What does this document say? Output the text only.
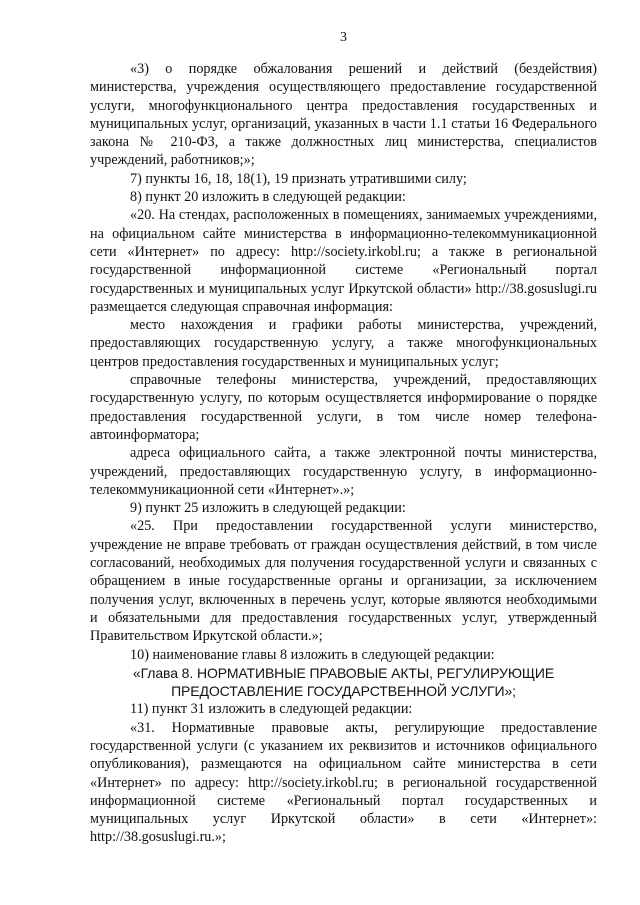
3

«3) о порядке обжалования решений и действий (бездействия) министерства, учреждения осуществляющего предоставление государственной услуги, многофункционального центра предоставления государственных и муниципальных услуг, организаций, указанных в части 1.1 статьи 16 Федерального закона № 210-ФЗ, а также должностных лиц министерства, специалистов учреждений, работников;»;

7) пункты 16, 18, 18(1), 19 признать утратившими силу;

8) пункт 20 изложить в следующей редакции:

«20. На стендах, расположенных в помещениях, занимаемых учреждениями, на официальном сайте министерства в информационно-телекоммуникационной сети «Интернет» по адресу: http://society.irkobl.ru; а также в региональной государственной информационной системе «Региональный портал государственных и муниципальных услуг Иркутской области» http://38.gosuslugi.ru размещается следующая справочная информация:

место нахождения и графики работы министерства, учреждений, предоставляющих государственную услугу, а также многофункциональных центров предоставления государственных и муниципальных услуг;

справочные телефоны министерства, учреждений, предоставляющих государственную услугу, по которым осуществляется информирование о порядке предоставления государственной услуги, в том числе номер телефона-автоинформатора;

адреса официального сайта, а также электронной почты министерства, учреждений, предоставляющих государственную услугу, в информационно-телекоммуникационной сети «Интернет».»;

9) пункт 25 изложить в следующей редакции:

«25. При предоставлении государственной услуги министерство, учреждение не вправе требовать от граждан осуществления действий, в том числе согласований, необходимых для получения государственной услуги и связанных с обращением в иные государственные органы и организации, за исключением получения услуг, включенных в перечень услуг, которые являются необходимыми и обязательными для предоставления государственных услуг, утвержденный Правительством Иркутской области.»;

10) наименование главы 8 изложить в следующей редакции:

«Глава 8. НОРМАТИВНЫЕ ПРАВОВЫЕ АКТЫ, РЕГУЛИРУЮЩИЕ
ПРЕДОСТАВЛЕНИЕ ГОСУДАРСТВЕННОЙ УСЛУГИ»;

11) пункт 31 изложить в следующей редакции:

«31. Нормативные правовые акты, регулирующие предоставление государственной услуги (с указанием их реквизитов и источников официального опубликования), размещаются на официальном сайте министерства в сети «Интернет» по адресу: http://society.irkobl.ru; в региональной государственной информационной системе «Региональный портал государственных и муниципальных услуг Иркутской области» в сети «Интернет»: http://38.gosuslugi.ru.»;
